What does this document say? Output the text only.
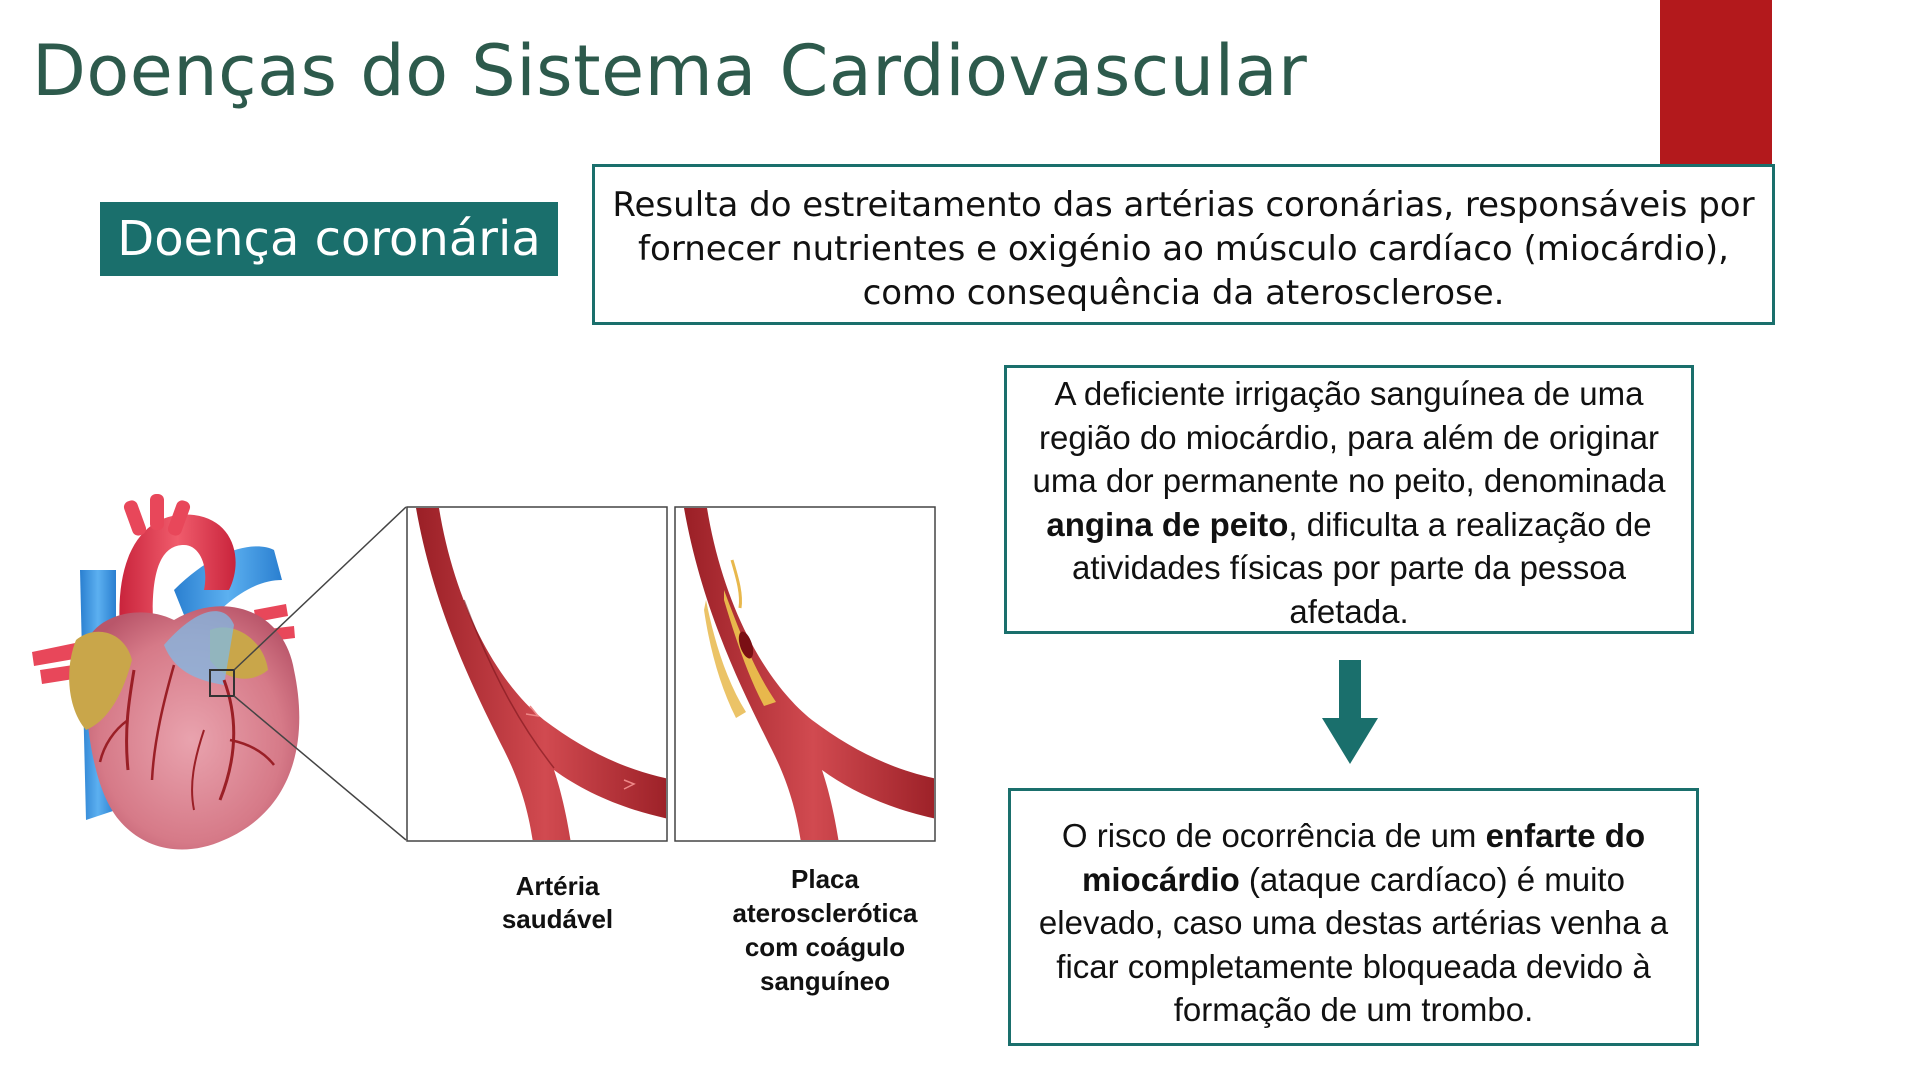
Doenças do Sistema Cardiovascular
Doença coronária
Resulta do estreitamento das artérias coronárias, responsáveis por fornecer nutrientes e oxigénio ao músculo cardíaco (miocárdio), como consequência da aterosclerose.
Artéria saudável
Placa aterosclerótica com coágulo sanguíneo
A deficiente irrigação sanguínea de uma região do miocárdio, para além de originar uma dor permanente no peito, denominada angina de peito, dificulta a realização de atividades físicas por parte da pessoa afetada.
O risco de ocorrência de um enfarte do miocárdio (ataque cardíaco) é muito elevado, caso uma destas artérias venha a ficar completamente bloqueada devido à formação de um trombo.
